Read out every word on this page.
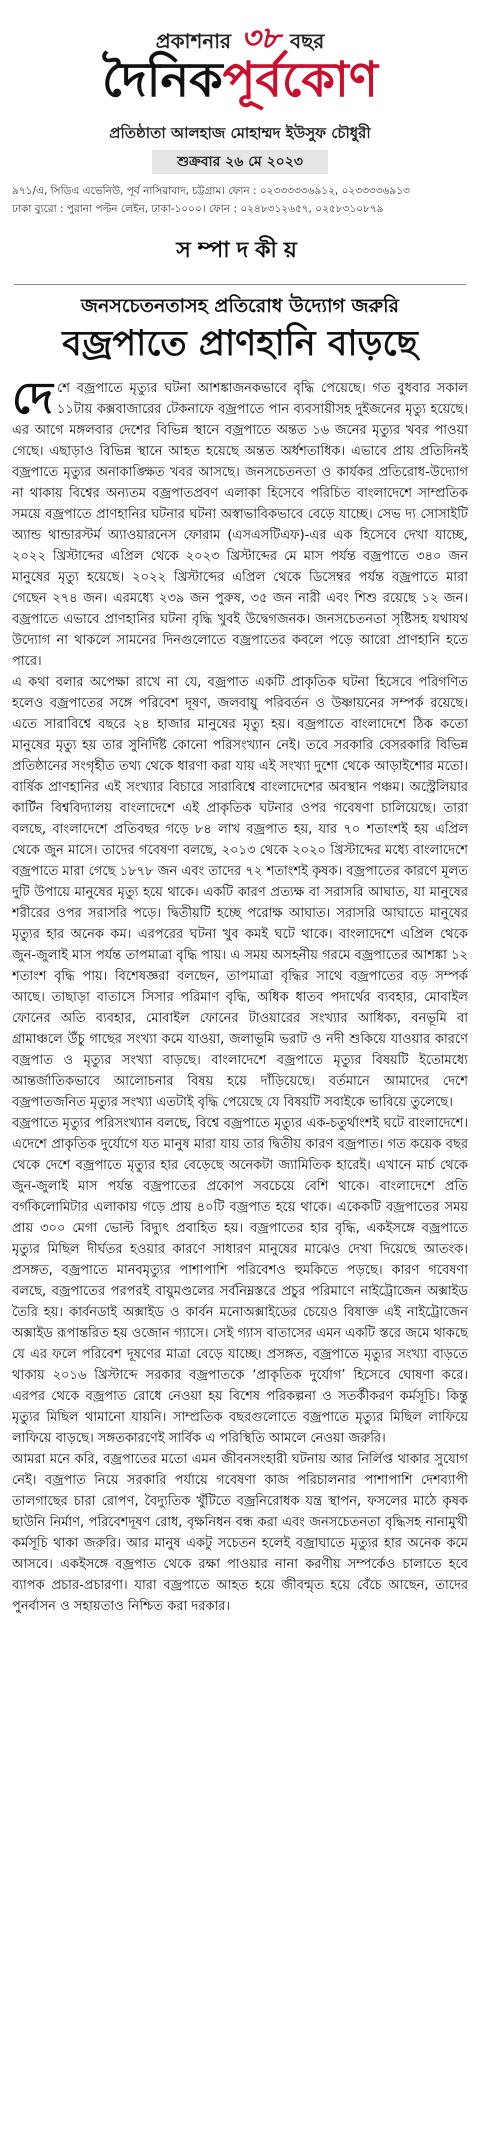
প্রকাশনার ৩৮ বছর
দৈনিকপূর্বকোণ
প্রতিষ্ঠাতা আলহাজ মোহাম্মদ ইউসুফ চৌধুরী
শুক্রবার ২৬ মে ২০২৩
৯৭১/এ, সিডিএ এভেনিউ, পূর্ব নাসিরাবাদ, চট্টগ্রাম। ফোন : ০২৩৩৩৩৩৬৯১২, ০২৩৩৩৩৬৯১৩
ঢাকা ব্যুরো : পুরানা পল্টন লেইন, ঢাকা-১০০০। ফোন : ০২৪৮৩১২৬৫৭, ০২৫৮৩১০৮৭৯
সম্পাদকীয়
জনসচেতনতাসহ প্রতিরোধ উদ্যোগ জরুরি
বজ্রপাতে প্রাণহানি বাড়ছে

দেশে বজ্রপাতে মৃত্যুর ঘটনা আশঙ্কাজনকভাবে বৃদ্ধি পেয়েছে। গত বুধবার সকাল ১১টায় কক্সবাজারের টেকনাফে বজ্রপাতে পান ব্যবসায়ীসহ দুইজনের মৃত্যু হয়েছে। এর আগে মঙ্গলবার দেশের বিভিন্ন স্থানে বজ্রপাতে অন্তত ১৬ জনের মৃত্যুর খবর পাওয়া গেছে। এছাড়াও বিভিন্ন স্থানে আহত হয়েছে অন্তত অর্ধশতাধিক। এভাবে প্রায় প্রতিদিনই বজ্রপাতে মৃত্যুর অনাকাঙ্ক্ষিত খবর আসছে। জনসচেতনতা ও কার্যকর প্রতিরোধ-উদ্যোগ না থাকায় বিশ্বের অন্যতম বজ্রপাতপ্রবণ এলাকা হিসেবে পরিচিত বাংলাদেশে সাম্প্রতিক সময়ে বজ্রপাতে প্রাণহানির ঘটনার ঘটনা অস্বাভাবিকভাবে বেড়ে যাচ্ছে। সেভ দ্য সোসাইটি অ্যান্ড থান্ডারস্টর্ম অ্যাওয়ারনেস ফোরাম (এসএসটিএফ)-এর এক হিসেবে দেখা যাচ্ছে, ২০২২ খ্রিস্টাব্দের এপ্রিল থেকে ২০২৩ খ্রিস্টাব্দের মে মাস পর্যন্ত বজ্রপাতে ৩৪০ জন মানুষের মৃত্যু হয়েছে। ২০২২ খ্রিস্টাব্দের এপ্রিল থেকে ডিসেম্বর পর্যন্ত বজ্রপাতে মারা গেছেন ২৭৪ জন। এরমধ্যে ২৩৯ জন পুরুষ, ৩৫ জন নারী এবং শিশু রয়েছে ১২ জন। বজ্রপাতে এভাবে প্রাণহানির ঘটনা বৃদ্ধি খুবই উদ্বেগজনক। জনসচেতনতা সৃষ্টিসহ যথাযথ উদ্যোগ না থাকলে সামনের দিনগুলোতে বজ্রপাতের কবলে পড়ে আরো প্রাণহানি হতে পারে।

এ কথা বলার অপেক্ষা রাখে না যে, বজ্রপাত একটি প্রাকৃতিক ঘটনা হিসেবে পরিগণিত হলেও বজ্রপাতের সঙ্গে পরিবেশ দূষণ, জলবায়ু পরিবর্তন ও উষ্ণায়নের সম্পর্ক রয়েছে। এতে সারাবিশ্বে বছরে ২৪ হাজার মানুষের মৃত্যু হয়। বজ্রপাতে বাংলাদেশে ঠিক কতো মানুষের মৃত্যু হয় তার সুনির্দিষ্ট কোনো পরিসংখ্যান নেই। তবে সরকারি বেসরকারি বিভিন্ন প্রতিষ্ঠানের সংগৃহীত তথ্য থেকে ধারণা করা যায় এই সংখ্যা দুশো থেকে আড়াইশোর মতো। বার্ষিক প্রাণহানির এই সংখ্যার বিচারে সারাবিশ্বে বাংলাদেশের অবস্থান পঞ্চম। অস্ট্রেলিয়ার কার্টিন বিশ্ববিদ্যালয় বাংলাদেশে এই প্রাকৃতিক ঘটনার ওপর গবেষণা চালিয়েছে। তারা বলছে, বাংলাদেশে প্রতিবছর গড়ে ৮৪ লাখ বজ্রপাত হয়, যার ৭০ শতাংশই হয় এপ্রিল থেকে জুন মাসে। তাদের গবেষণা বলছে, ২০১৩ থেকে ২০২০ খ্রিস্টাব্দের মধ্যে বাংলাদেশে বজ্রপাতে মারা গেছে ১৮৭৮ জন এবং তাদের ৭২ শতাংশই কৃষক। বজ্রপাতের কারণে মূলত দুটি উপায়ে মানুষের মৃত্যু হয়ে থাকে। একটি কারণ প্রত্যক্ষ বা সরাসরি আঘাত, যা মানুষের শরীরের ওপর সরাসরি পড়ে। দ্বিতীয়টি হচ্ছে পরোক্ষ আঘাত। সরাসরি আঘাতে মানুষের মৃত্যুর হার অনেক কম। এরপরের ঘটনা খুব কমই ঘটে থাকে। বাংলাদেশে এপ্রিল থেকে জুন-জুলাই মাস পর্যন্ত তাপমাত্রা বৃদ্ধি পায়। এ সময় অসহনীয় গরমে বজ্রপাতের আশঙ্কা ১২ শতাংশ বৃদ্ধি পায়। বিশেষজ্ঞরা বলছেন, তাপমাত্রা বৃদ্ধির সাথে বজ্রপাতের বড় সম্পর্ক আছে। তাছাড়া বাতাসে সিসার পরিমাণ বৃদ্ধি, অধিক ধাতব পদার্থের ব্যবহার, মোবাইল ফোনের অতি ব্যবহার, মোবাইল ফোনের টাওয়ারের সংখ্যার আধিক্য, বনভূমি বা গ্রামাঞ্চলে উঁচু গাছের সংখ্যা কমে যাওয়া, জলাভূমি ভরাট ও নদী শুকিয়ে যাওয়ার কারণে বজ্রপাত ও মৃত্যুর সংখ্যা বাড়ছে। বাংলাদেশে বজ্রপাতে মৃত্যুর বিষয়টি ইতোমধ্যে আন্তর্জাতিকভাবে আলোচনার বিষয় হয়ে দাঁড়িয়েছে। বর্তমানে আমাদের দেশে বজ্রপাতজনিত মৃত্যুর সংখ্যা এতটাই বৃদ্ধি পেয়েছে যে বিষয়টি সবাইকে ভাবিয়ে তুলেছে।

বজ্রপাতে মৃত্যুর পরিসংখ্যান বলছে, বিশ্বে বজ্রপাতে মৃত্যুর এক-চতুর্থাংশই ঘটে বাংলাদেশে। এদেশে প্রাকৃতিক দুর্যোগে যত মানুষ মারা যায় তার দ্বিতীয় কারণ বজ্রপাত। গত কয়েক বছর থেকে দেশে বজ্রপাতে মৃত্যুর হার বেড়েছে অনেকটা জ্যামিতিক হারেই। এখানে মার্চ থেকে জুন-জুলাই মাস পর্যন্ত বজ্রপাতের প্রকোপ সবচেয়ে বেশি থাকে। বাংলাদেশে প্রতি বর্গকিলোমিটার এলাকায় গড়ে প্রায় ৪০টি বজ্রপাত হয়ে থাকে। একেকটি বজ্রপাতের সময় প্রায় ৩০০ মেগা ভোল্ট বিদ্যুৎ প্রবাহিত হয়। বজ্রপাতের হার বৃদ্ধি, একইসঙ্গে বজ্রপাতে মৃত্যুর মিছিল দীর্ঘতর হওয়ার কারণে সাধারণ মানুষের মাঝেও দেখা দিয়েছে আতংক। প্রসঙ্গত, বজ্রপাতে মানবমৃত্যুর পাশাপাশি পরিবেশও হুমকিতে পড়ছে। কারণ গবেষণা বলছে, বজ্রপাতের পরপরই বায়ুমণ্ডলের সর্বনিম্নস্তরে প্রচুর পরিমাণে নাইট্রোজেন অক্সাইড তৈরি হয়। কার্বনডাই অক্সাইড ও কার্বন মনোঅক্সাইডের চেয়েও বিষাক্ত এই নাইট্রোজেন অক্সাইড রূপান্তরিত হয় ওজোন গ্যাসে। সেই গ্যাস বাতাসের এমন একটি স্তরে জমে থাকছে যে এর ফলে পরিবেশ দূষণের মাত্রা বেড়ে যাচ্ছে। প্রসঙ্গত, বজ্রপাতে মৃত্যুর সংখ্যা বাড়তে থাকায় ২০১৬ খ্রিস্টাব্দে সরকার বজ্রপাতকে ‘প্রাকৃতিক দুর্যোগ’ হিসেবে ঘোষণা করে। এরপর থেকে বজ্রপাত রোধে নেওয়া হয় বিশেষ পরিকল্পনা ও সতর্কীকরণ কর্মসূচি। কিন্তু মৃত্যুর মিছিল থামানো যায়নি। সাম্প্রতিক বছরগুলোতে বজ্রপাতে মৃত্যুর মিছিল লাফিয়ে লাফিয়ে বাড়ছে। সঙ্গতকারণেই সার্বিক এ পরিস্থিতি আমলে নেওয়া জরুরি।

আমরা মনে করি, বজ্রপাতের মতো এমন জীবনসংহারী ঘটনায় আর নির্লিপ্ত থাকার সুযোগ নেই। বজ্রপাত নিয়ে সরকারি পর্যায়ে গবেষণা কাজ পরিচালনার পাশাপাশি দেশব্যাপী তালগাছের চারা রোপণ, বৈদ্যুতিক খুঁটিতে বজ্রনিরোধক যন্ত্র স্থাপন, ফসলের মাঠে কৃষক ছাউনি নির্মাণ, পরিবেশদূষণ রোধ, বৃক্ষনিধন বন্ধ করা এবং জনসচেতনতা বৃদ্ধিসহ নানামুখী কর্মসূচি থাকা জরুরি। আর মানুষ একটু সচেতন হলেই বজ্রাঘাতে মৃত্যুর হার অনেক কমে আসবে। একইসঙ্গে বজ্রপাত থেকে রক্ষা পাওয়ার নানা করণীয় সম্পর্কেও চালাতে হবে ব্যাপক প্রচার-প্রচারণা। যারা বজ্রপাতে আহত হয়ে জীবন্মৃত হয়ে বেঁচে আছেন, তাদের পুনর্বাসন ও সহায়তাও নিশ্চিত করা দরকার।
